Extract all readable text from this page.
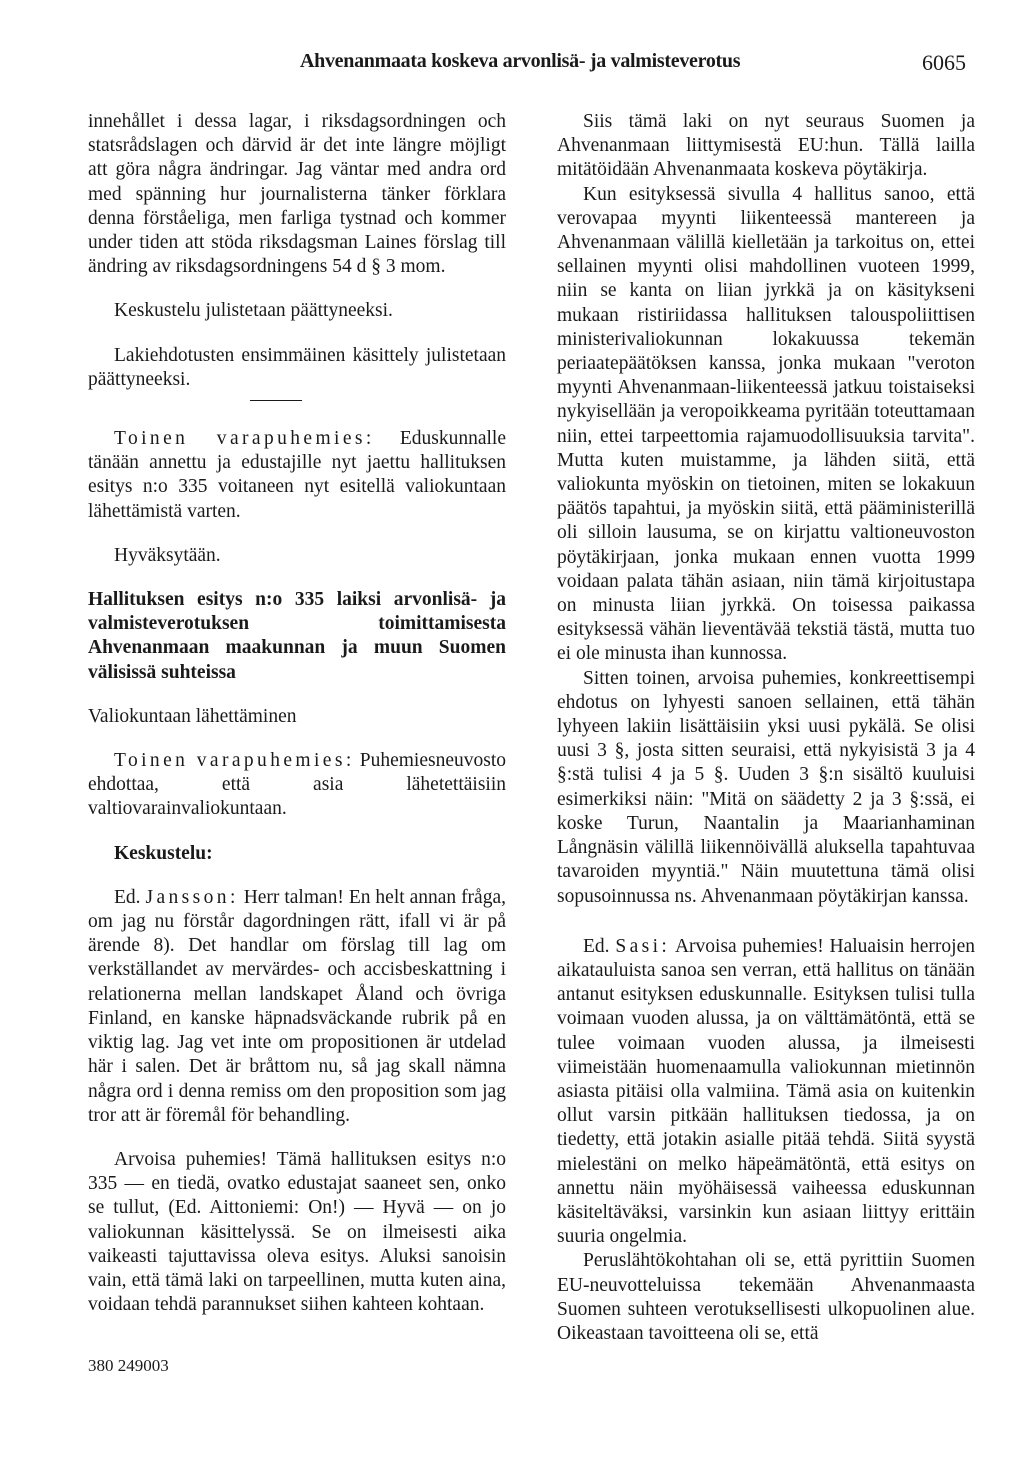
Ahvenanmaata koskeva arvonlisä- ja valmisteverotus	6065

innehållet i dessa lagar, i riksdagsordningen och statsrådslagen och därvid är det inte längre möjligt att göra några ändringar. Jag väntar med andra ord med spänning hur journalisterna tänker förklara denna förståeliga, men farliga tystnad och kommer under tiden att stöda riksdagsman Laines förslag till ändring av riksdagsordningens 54 d § 3 mom.

Keskustelu julistetaan päättyneeksi.

Lakiehdotusten ensimmäinen käsittely julistetaan päättyneeksi.

Toinen varapuhemies: Eduskunnalle tänään annettu ja edustajille nyt jaettu hallituksen esitys n:o 335 voitaneen nyt esitellä valiokuntaan lähettämistä varten.

Hyväksytään.

Hallituksen esitys n:o 335 laiksi arvonlisä- ja valmisteverotuksen toimittamisesta Ahvenanmaan maakunnan ja muun Suomen välisissä suhteissa

Valiokuntaan lähettäminen

Toinen varapuhemies: Puhemiesneuvosto ehdottaa, että asia lähetettäisiin valtiovarainvaliokuntaan.

Keskustelu:

Ed. Jansson: Herr talman! En helt annan fråga, om jag nu förstår dagordningen rätt, ifall vi är på ärende 8). Det handlar om förslag till lag om verkställandet av mervärdes- och accisbeskattning i relationerna mellan landskapet Åland och övriga Finland, en kanske häpnadsväckande rubrik på en viktig lag. Jag vet inte om propositionen är utdelad här i salen. Det är bråttom nu, så jag skall nämna några ord i denna remiss om den proposition som jag tror att är föremål för behandling.

Arvoisa puhemies! Tämä hallituksen esitys n:o 335 — en tiedä, ovatko edustajat saaneet sen, onko se tullut, (Ed. Aittoniemi: On!) — Hyvä — on jo valiokunnan käsittelyssä. Se on ilmeisesti aika vaikeasti tajuttavissa oleva esitys. Aluksi sanoisin vain, että tämä laki on tarpeellinen, mutta kuten aina, voidaan tehdä parannukset siihen kahteen kohtaan.

Siis tämä laki on nyt seuraus Suomen ja Ahvenanmaan liittymisestä EU:hun. Tällä lailla mitätöidään Ahvenanmaata koskeva pöytäkirja.

Kun esityksessä sivulla 4 hallitus sanoo, että verovapaa myynti liikenteessä mantereen ja Ahvenanmaan välillä kielletään ja tarkoitus on, ettei sellainen myynti olisi mahdollinen vuoteen 1999, niin se kanta on liian jyrkkä ja on käsitykseni mukaan ristiriidassa hallituksen talouspoliittisen ministerivaliokunnan lokakuussa tekemän periaatepäätöksen kanssa, jonka mukaan "veroton myynti Ahvenanmaan-liikenteessä jatkuu toistaiseksi nykyisellään ja veropoikkeama pyritään toteuttamaan niin, ettei tarpeettomia rajamuodollisuuksia tarvita". Mutta kuten muistamme, ja lähden siitä, että valiokunta myöskin on tietoinen, miten se lokakuun päätös tapahtui, ja myöskin siitä, että pääministerillä oli silloin lausuma, se on kirjattu valtioneuvoston pöytäkirjaan, jonka mukaan ennen vuotta 1999 voidaan palata tähän asiaan, niin tämä kirjoitustapa on minusta liian jyrkkä. On toisessa paikassa esityksessä vähän lieventävää tekstiä tästä, mutta tuo ei ole minusta ihan kunnossa.

Sitten toinen, arvoisa puhemies, konkreettisempi ehdotus on lyhyesti sanoen sellainen, että tähän lyhyeen lakiin lisättäisiin yksi uusi pykälä. Se olisi uusi 3 §, josta sitten seuraisi, että nykyisistä 3 ja 4 §:stä tulisi 4 ja 5 §. Uuden 3 §:n sisältö kuuluisi esimerkiksi näin: "Mitä on säädetty 2 ja 3 §:ssä, ei koske Turun, Naantalin ja Maarianhaminan Långnäsin välillä liikennöivällä aluksella tapahtuvaa tavaroiden myyntiä." Näin muutettuna tämä olisi sopusoinnussa ns. Ahvenanmaan pöytäkirjan kanssa.

Ed. Sasi: Arvoisa puhemies! Haluaisin herrojen aikatauluista sanoa sen verran, että hallitus on tänään antanut esityksen eduskunnalle. Esityksen tulisi tulla voimaan vuoden alussa, ja on välttämätöntä, että se tulee voimaan vuoden alussa, ja ilmeisesti viimeistään huomenaamulla valiokunnan mietinnön asiasta pitäisi olla valmiina. Tämä asia on kuitenkin ollut varsin pitkään hallituksen tiedossa, ja on tiedetty, että jotakin asialle pitää tehdä. Siitä syystä mielestäni on melko häpeämätöntä, että esitys on annettu näin myöhäisessä vaiheessa eduskunnan käsiteltäväksi, varsinkin kun asiaan liittyy erittäin suuria ongelmia.

Peruslähtökohtahan oli se, että pyrittiin Suomen EU-neuvotteluissa tekemään Ahvenanmaasta Suomen suhteen verotuksellisesti ulkopuolinen alue. Oikeastaan tavoitteena oli se, että

380 249003
